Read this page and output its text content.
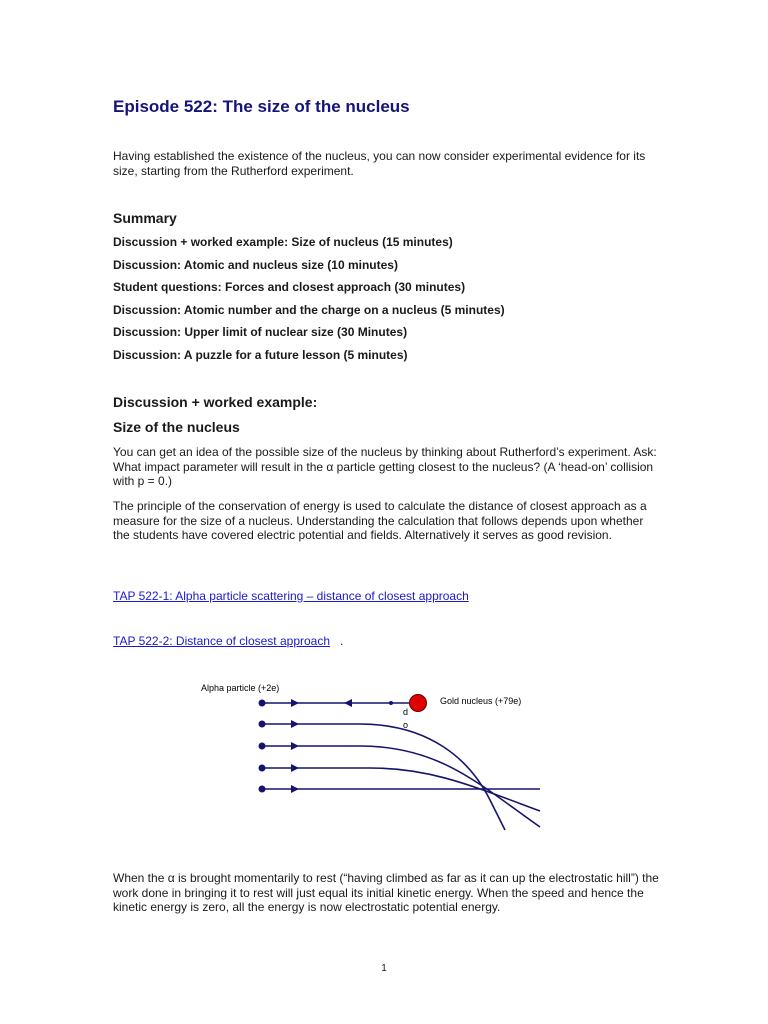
Episode 522: The size of the nucleus

Having established the existence of the nucleus, you can now consider experimental evidence for its size, starting from the Rutherford experiment.

Summary
Discussion + worked example: Size of nucleus (15 minutes)
Discussion: Atomic and nucleus size (10 minutes)
Student questions: Forces and closest approach (30 minutes)
Discussion: Atomic number and the charge on a nucleus (5 minutes)
Discussion: Upper limit of nuclear size (30 Minutes)
Discussion: A puzzle for a future lesson (5 minutes)
Discussion + worked example:
Size of the nucleus

You can get an idea of the possible size of the nucleus by thinking about Rutherford’s experiment. Ask: What impact parameter will result in the α particle getting closest to the nucleus? (A ‘head-on’ collision with p = 0.)

The principle of the conservation of energy is used to calculate the distance of closest approach as a measure for the size of a nucleus. Understanding the calculation that follows depends upon whether the students have covered electric potential and fields. Alternatively it serves as good revision.

TAP 522-1: Alpha particle scattering – distance of closest approach
TAP 522-2: Distance of closest approach .
Alpha particle (+2e)
Gold nucleus (+79e)
d
o

When the α is brought momentarily to rest (“having climbed as far as it can up the electrostatic hill”) the work done in bringing it to rest will just equal its initial kinetic energy. When the speed and hence the kinetic energy is zero, all the energy is now electrostatic potential energy.

1
